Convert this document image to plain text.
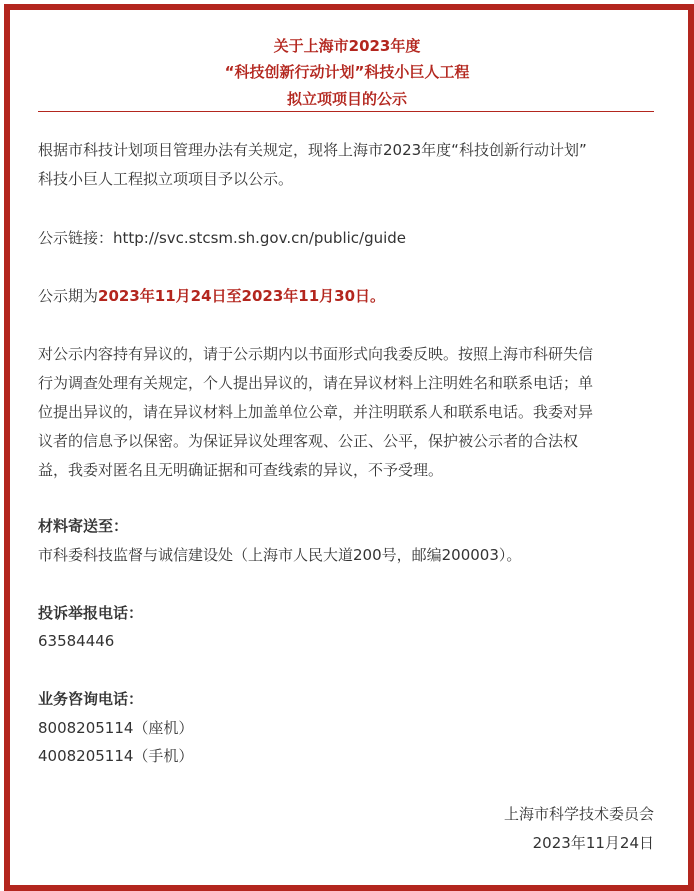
关于上海市2023年度
“科技创新行动计划”科技小巨人工程
拟立项项目的公示
根据市科技计划项目管理办法有关规定，现将上海市2023年度“科技创新行动计划”
科技小巨人工程拟立项项目予以公示。
公示链接：http://svc.stcsm.sh.gov.cn/public/guide
公示期为2023年11月24日至2023年11月30日。
对公示内容持有异议的，请于公示期内以书面形式向我委反映。按照上海市科研失信
行为调查处理有关规定，个人提出异议的，请在异议材料上注明姓名和联系电话；单
位提出异议的，请在异议材料上加盖单位公章，并注明联系人和联系电话。我委对异
议者的信息予以保密。为保证异议处理客观、公正、公平，保护被公示者的合法权
益，我委对匿名且无明确证据和可查线索的异议，不予受理。
材料寄送至：
市科委科技监督与诚信建设处（上海市人民大道200号，邮编200003）。
投诉举报电话：
63584446
业务咨询电话：
8008205114（座机）
4008205114（手机）
上海市科学技术委员会
2023年11月24日
